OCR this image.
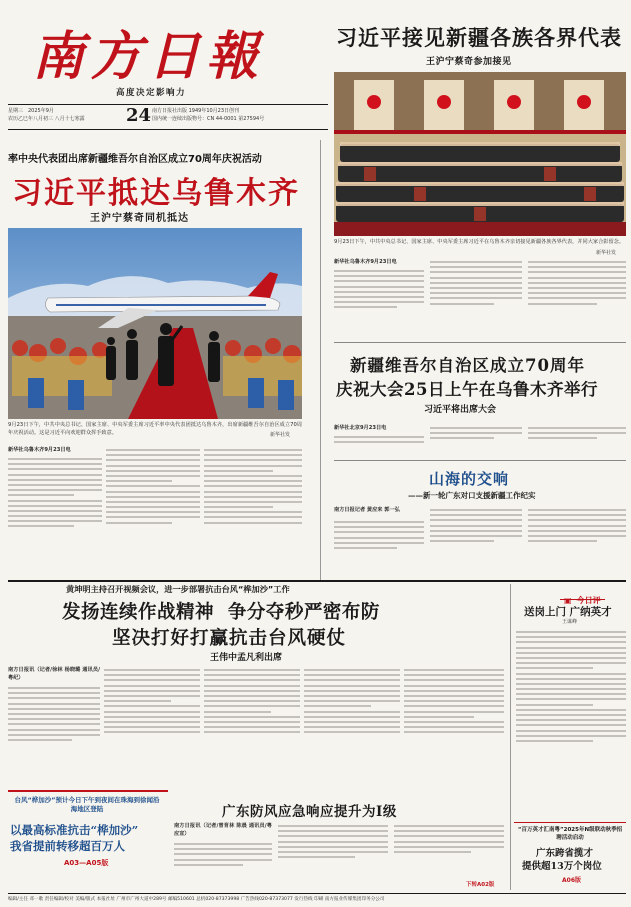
南方日報
高度决定影响力
星期三 2025年9月
农历乙巳年八月初三 八月十七寒露	24 南方日报社出版 1949年10月23日创刊
国内统一连续出版物号：CN 44-0001 第27594号
率中央代表团出席新疆维吾尔自治区成立70周年庆祝活动
习近平抵达乌鲁木齐
王沪宁蔡奇同机抵达
9月23日下午，中共中央总书记、国家主席、中央军委主席习近平率中央代表团抵达乌鲁木齐，出席新疆维吾尔自治区成立70周年庆祝活动。这是习近平向欢迎群众挥手致意。	新华社发
新华社乌鲁木齐9月23日电
习近平接见新疆各族各界代表
王沪宁蔡奇参加接见
9月23日下午，中共中央总书记、国家主席、中央军委主席习近平在乌鲁木齐亲切接见新疆各族各界代表，并同大家合影留念。
新华社发
新华社乌鲁木齐9月23日电
新疆维吾尔自治区成立70周年
庆祝大会25日上午在乌鲁木齐举行
习近平将出席大会
新华社北京9月23日电
山海的交响
——新一轮广东对口支援新疆工作纪实
南方日报记者 黄应来 郭一弘
黄坤明主持召开视频会议，进一步部署抗击台风“桦加沙”工作
发扬连续作战精神  争分夺秒严密布防
坚决打好打赢抗击台风硬仗
王伟中孟凡利出席
南方日报讯（记者/徐林 杨晓璐 通讯员/粤纪）
台风“桦加沙”预计今日下午到夜间在珠海到徐闻沿海地区登陆
以最高标准抗击“桦加沙”
我省提前转移超百万人
A03—A05版
广东防风应急响应提升为Ⅰ级
南方日报讯（记者/曾育林 陈晨 通讯员/粤应宣）
下转A02版
▣ 今日评
送岗上门 广纳英才
王谋峰
“百万英才汇南粤”2025年N级联动秋季招聘活动启动
广东跨省揽才
提供超13万个岗位
A06版
编辑/主任 邓一歌 责任编辑/校对 美编/版式 本报社址 广州市广州大道中289号 邮编510601 总机020-87373998 广告热线020-87373077 发行热线 印刷 南方报业传媒集团印务分公司
